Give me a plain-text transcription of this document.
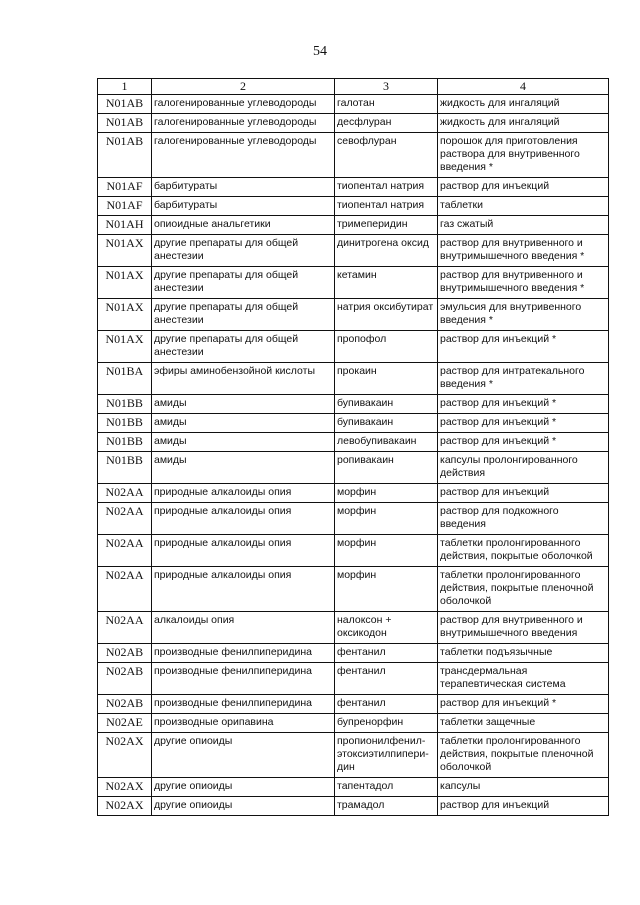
54
1	2	3	4
N01AB	галогенированные углеводороды	галотан	жидкость для ингаляций
N01AB	галогенированные углеводороды	десфлуран	жидкость для ингаляций
N01AB	галогенированные углеводороды	севофлуран	порошок для приготовления раствора для внутривенного введения *
N01AF	барбитураты	тиопентал натрия	раствор для инъекций
N01AF	барбитураты	тиопентал натрия	таблетки
N01AH	опиоидные анальгетики	тримеперидин	газ сжатый
N01AX	другие препараты для общей анестезии	динитрогена оксид	раствор для внутривенного и внутримышечного введения *
N01AX	другие препараты для общей анестезии	кетамин	раствор для внутривенного и внутримышечного введения *
N01AX	другие препараты для общей анестезии	натрия оксибутират	эмульсия для внутривенного введения *
N01AX	другие препараты для общей анестезии	пропофол	раствор для инъекций *
N01BA	эфиры аминобензойной кислоты	прокаин	раствор для интратекального введения *
N01BB	амиды	бупивакаин	раствор для инъекций *
N01BB	амиды	бупивакаин	раствор для инъекций *
N01BB	амиды	левобупивакаин	раствор для инъекций *
N01BB	амиды	ропивакаин	капсулы пролонгированного действия
N02AA	природные алкалоиды опия	морфин	раствор для инъекций
N02AA	природные алкалоиды опия	морфин	раствор для подкожного введения
N02AA	природные алкалоиды опия	морфин	таблетки пролонгированного действия, покрытые оболочкой
N02AA	природные алкалоиды опия	морфин	таблетки пролонгированного действия, покрытые пленочной оболочкой
N02AA	алкалоиды опия	налоксон + оксикодон	раствор для внутривенного и внутримышечного введения
N02AB	производные фенилпиперидина	фентанил	таблетки подъязычные
N02AB	производные фенилпиперидина	фентанил	трансдермальная терапевтическая система
N02AB	производные фенилпиперидина	фентанил	раствор для инъекций *
N02AE	производные орипавина	бупренорфин	таблетки защечные
N02AX	другие опиоиды	пропионилфенил-этоксиэтилпипери-дин	таблетки пролонгированного действия, покрытые пленочной оболочкой
N02AX	другие опиоиды	тапентадол	капсулы
N02AX	другие опиоиды	трамадол	раствор для инъекций
